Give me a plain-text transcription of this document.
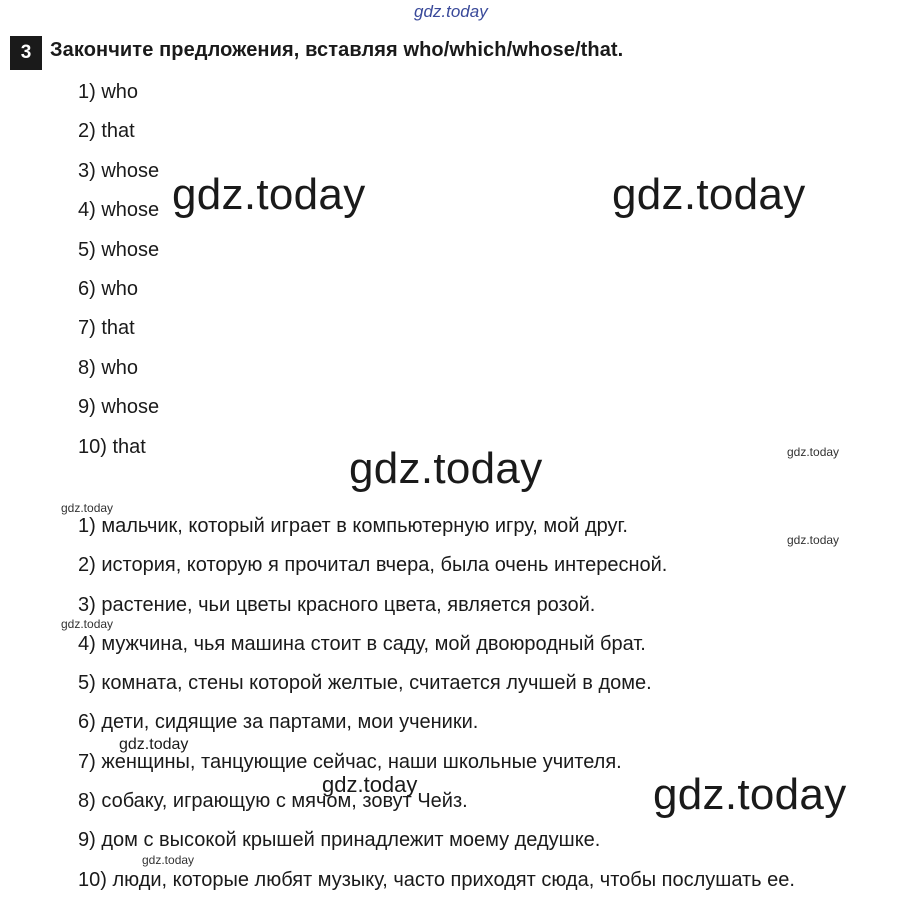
gdz.today
3 Закончите предложения, вставляя who/which/whose/that.
1) who
2) that
3) whose
4) whose
5) whose
6) who
7) that
8) who
9) whose
10) that
1) мальчик, который играет в компьютерную игру, мой друг.
2) история, которую я прочитал вчера, была очень интересной.
3) растение, чьи цветы красного цвета, является розой.
4) мужчина, чья машина стоит в саду, мой двоюродный брат.
5) комната, стены которой желтые, считается лучшей в доме.
6) дети, сидящие за партами, мои ученики.
7) женщины, танцующие сейчас, наши школьные учителя.
8) собаку, играющую с мячом, зовут Чейз.
9) дом с высокой крышей принадлежит моему дедушке.
10) люди, которые любят музыку, часто приходят сюда, чтобы послушать ее.
gdz.today	gdz.today
gdz.today
gdz.today
gdz.today
gdz.today
gdz.today
gdz.today
gdz.today
gdz.today
gdz.today
